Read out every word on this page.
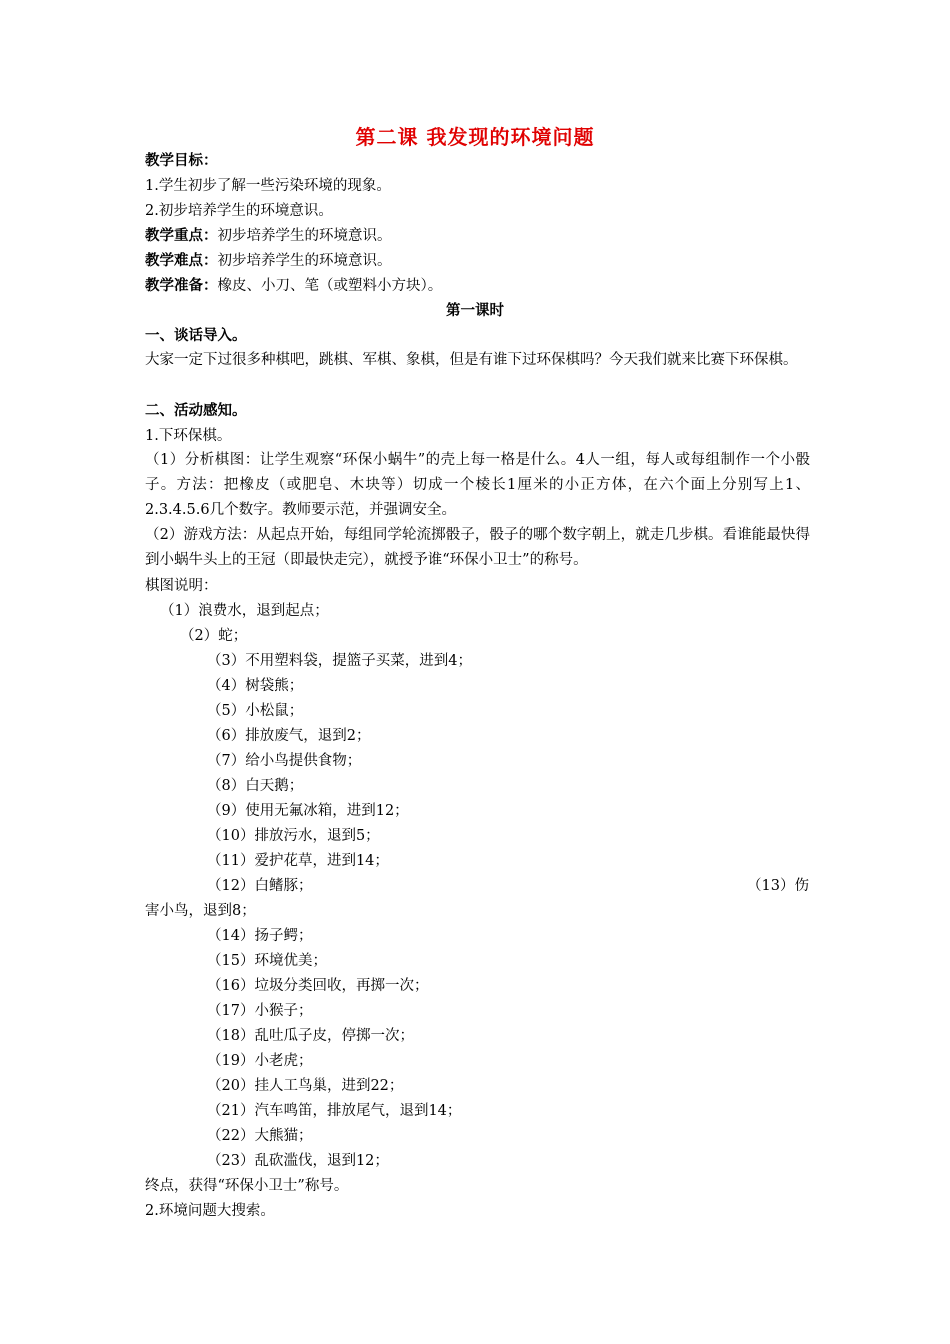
第二课 我发现的环境问题
教学目标：
1.学生初步了解一些污染环境的现象。
2.初步培养学生的环境意识。
教学重点：初步培养学生的环境意识。
教学难点：初步培养学生的环境意识。
教学准备：橡皮、小刀、笔（或塑料小方块）。
第一课时
一、谈话导入。
大家一定下过很多种棋吧，跳棋、军棋、象棋，但是有谁下过环保棋吗？今天我们就来比赛下环保棋。
二、活动感知。
1.下环保棋。
（1）分析棋图：让学生观察“环保小蜗牛”的壳上每一格是什么。4人一组，每人或每组制作一个小骰子。方法：把橡皮（或肥皂、木块等）切成一个棱长1厘米的小正方体，在六个面上分别写上1、2.3.4.5.6几个数字。教师要示范，并强调安全。
（2）游戏方法：从起点开始，每组同学轮流掷骰子，骰子的哪个数字朝上，就走几步棋。看谁能最快得到小蜗牛头上的王冠（即最快走完），就授予谁“环保小卫士”的称号。
棋图说明：
（1）浪费水，退到起点；
（2）蛇；
（3）不用塑料袋，提篮子买菜，进到4；
（4）树袋熊；
（5）小松鼠；
（6）排放废气，退到2；
（7）给小鸟提供食物；
（8）白天鹅；
（9）使用无氟冰箱，进到12；
（10）排放污水，退到5；
（11）爱护花草，进到14；
（12）白鳍豚；	（13）伤
害小鸟，退到8；
（14）扬子鳄；
（15）环境优美；
（16）垃圾分类回收，再掷一次；
（17）小猴子；
（18）乱吐瓜子皮，停掷一次；
（19）小老虎；
（20）挂人工鸟巢，进到22；
（21）汽车鸣笛，排放尾气，退到14；
（22）大熊猫；
（23）乱砍滥伐，退到12；
终点，获得“环保小卫士”称号。
2.环境问题大搜索。
